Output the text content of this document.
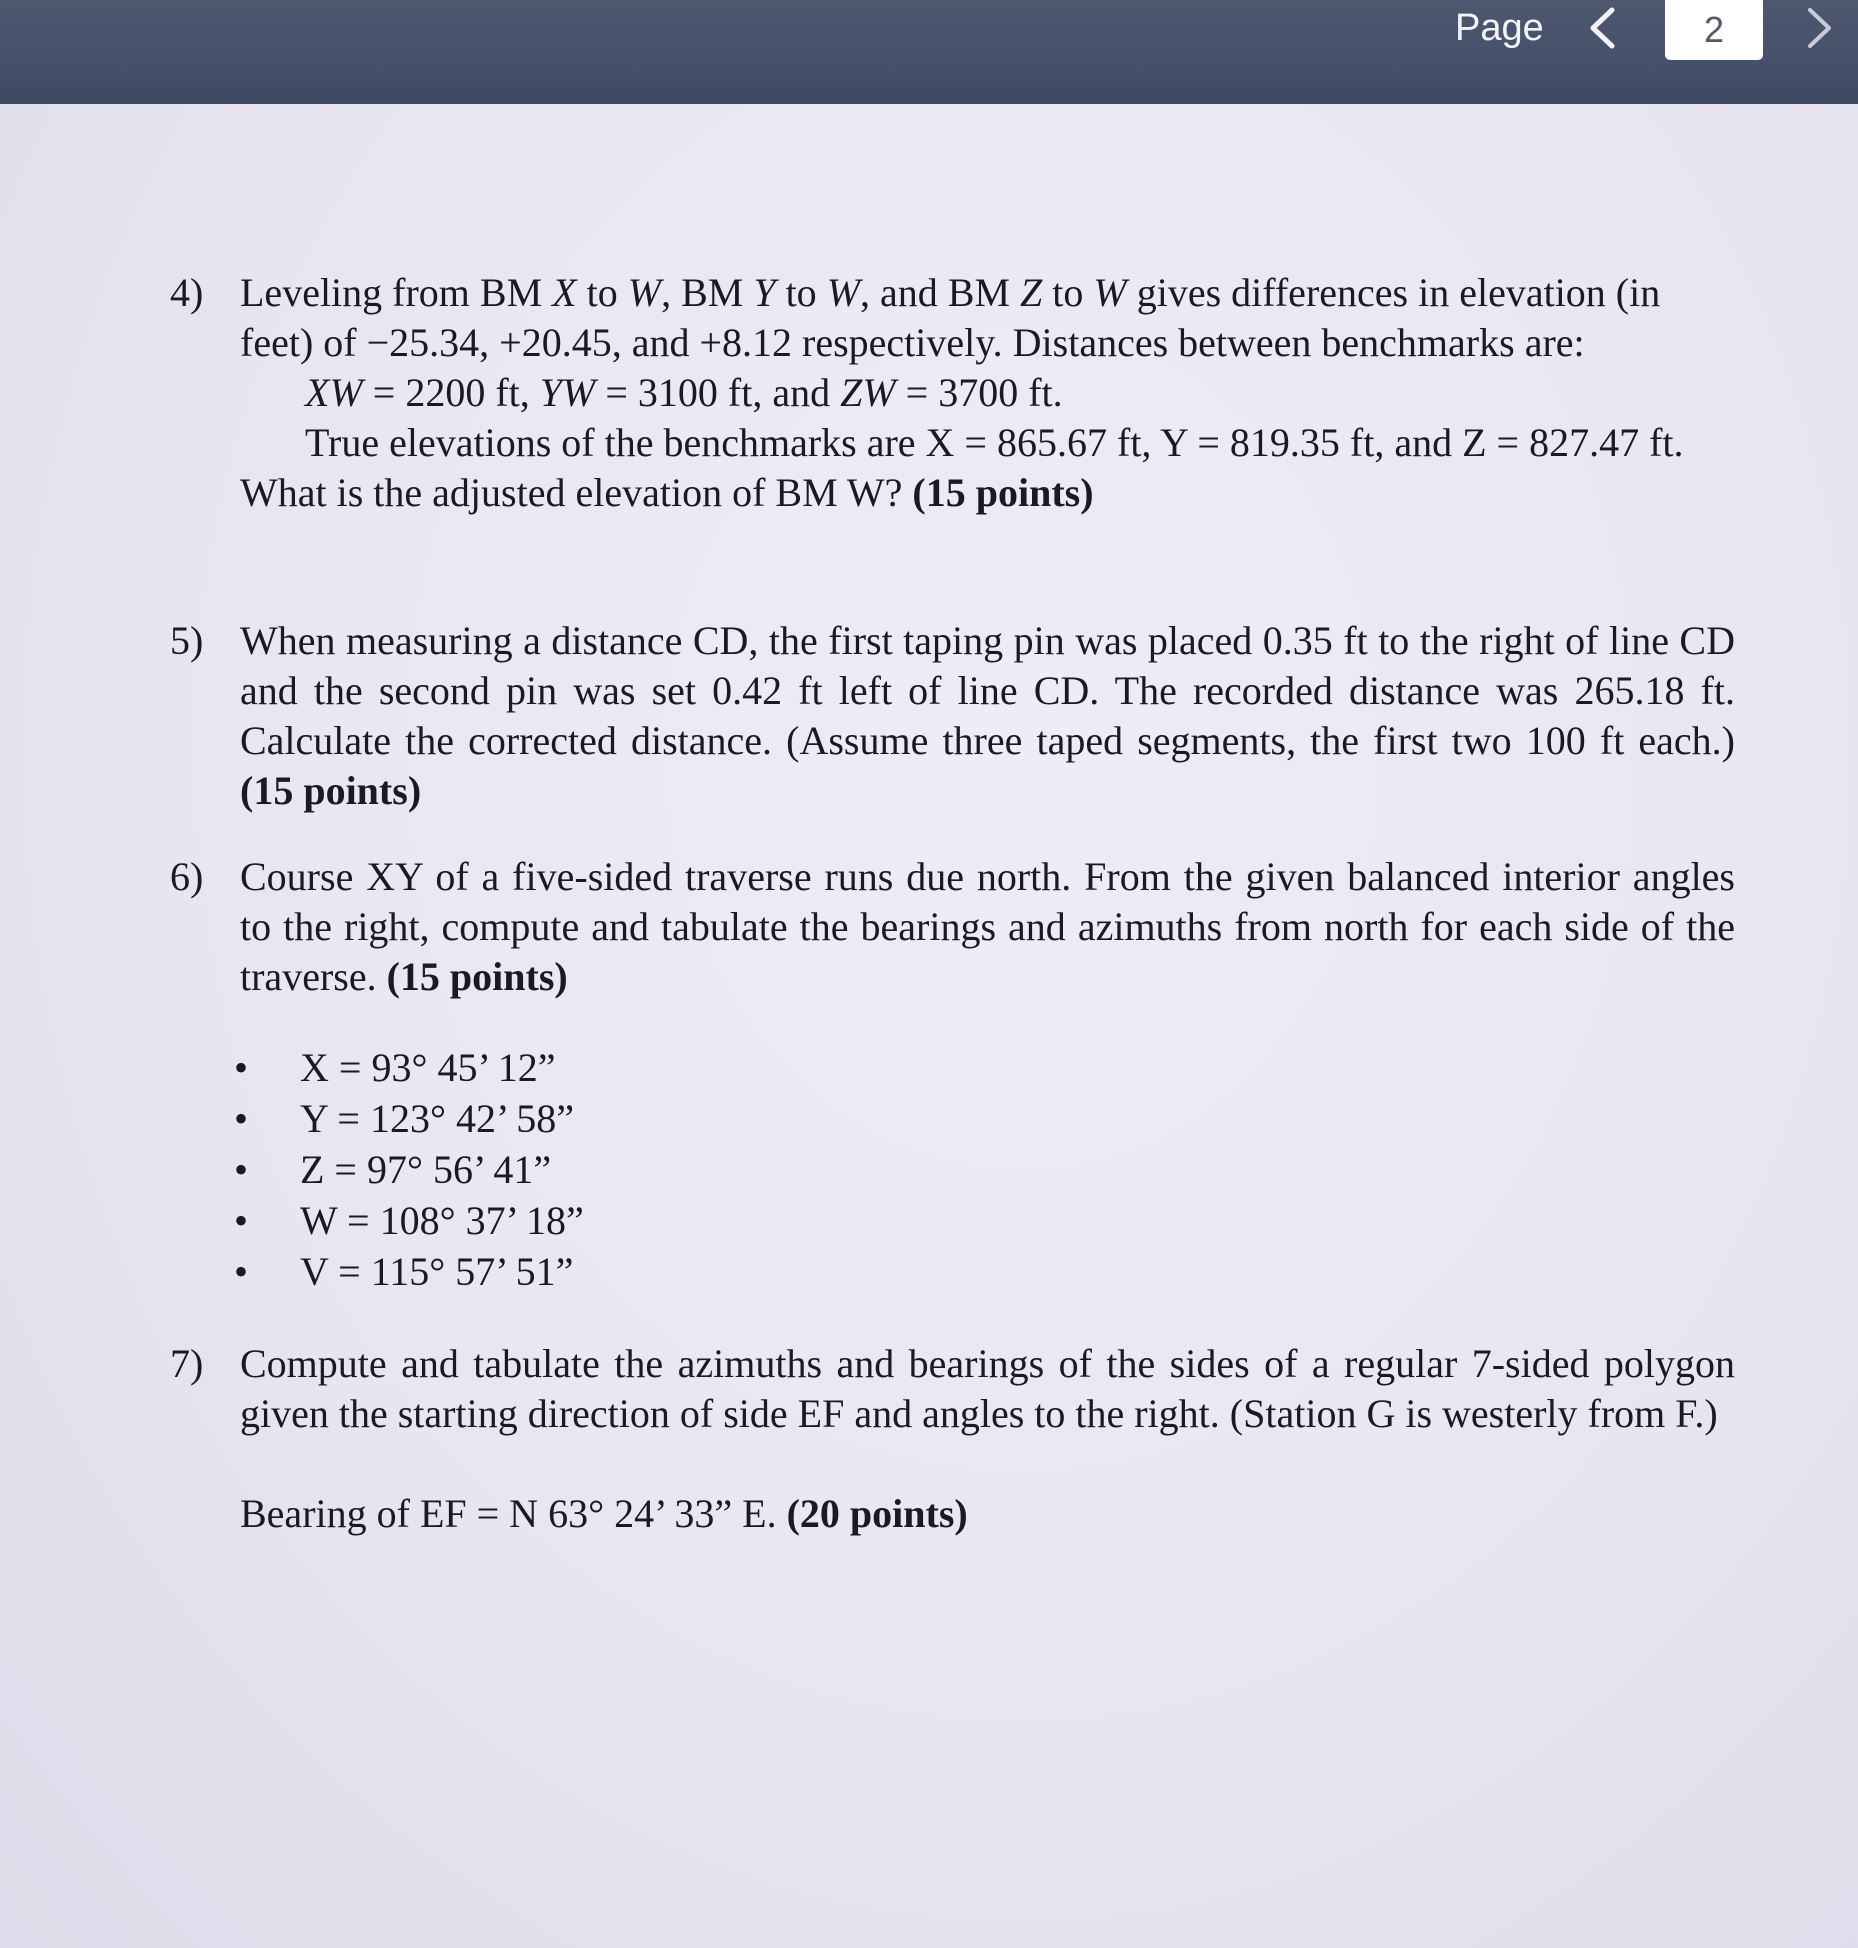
Page	2
4) Leveling from BM X to W, BM Y to W, and BM Z to W gives differences in elevation (in
feet) of −25.34, +20.45, and +8.12 respectively. Distances between benchmarks are:
XW = 2200 ft, YW = 3100 ft, and ZW = 3700 ft.
True elevations of the benchmarks are X = 865.67 ft, Y = 819.35 ft, and Z = 827.47 ft.
What is the adjusted elevation of BM W? (15 points)
5) When measuring a distance CD, the first taping pin was placed 0.35 ft to the right of line CD and the second pin was set 0.42 ft left of line CD. The recorded distance was 265.18 ft. Calculate the corrected distance. (Assume three taped segments, the first two 100 ft each.) (15 points)
6) Course XY of a five-sided traverse runs due north. From the given balanced interior angles to the right, compute and tabulate the bearings and azimuths from north for each side of the traverse. (15 points)
• X = 93° 45’ 12”
• Y = 123° 42’ 58”
• Z = 97° 56’ 41”
• W = 108° 37’ 18”
• V = 115° 57’ 51”
7) Compute and tabulate the azimuths and bearings of the sides of a regular 7-sided polygon given the starting direction of side EF and angles to the right. (Station G is westerly from F.)
Bearing of EF = N 63° 24’ 33” E. (20 points)
